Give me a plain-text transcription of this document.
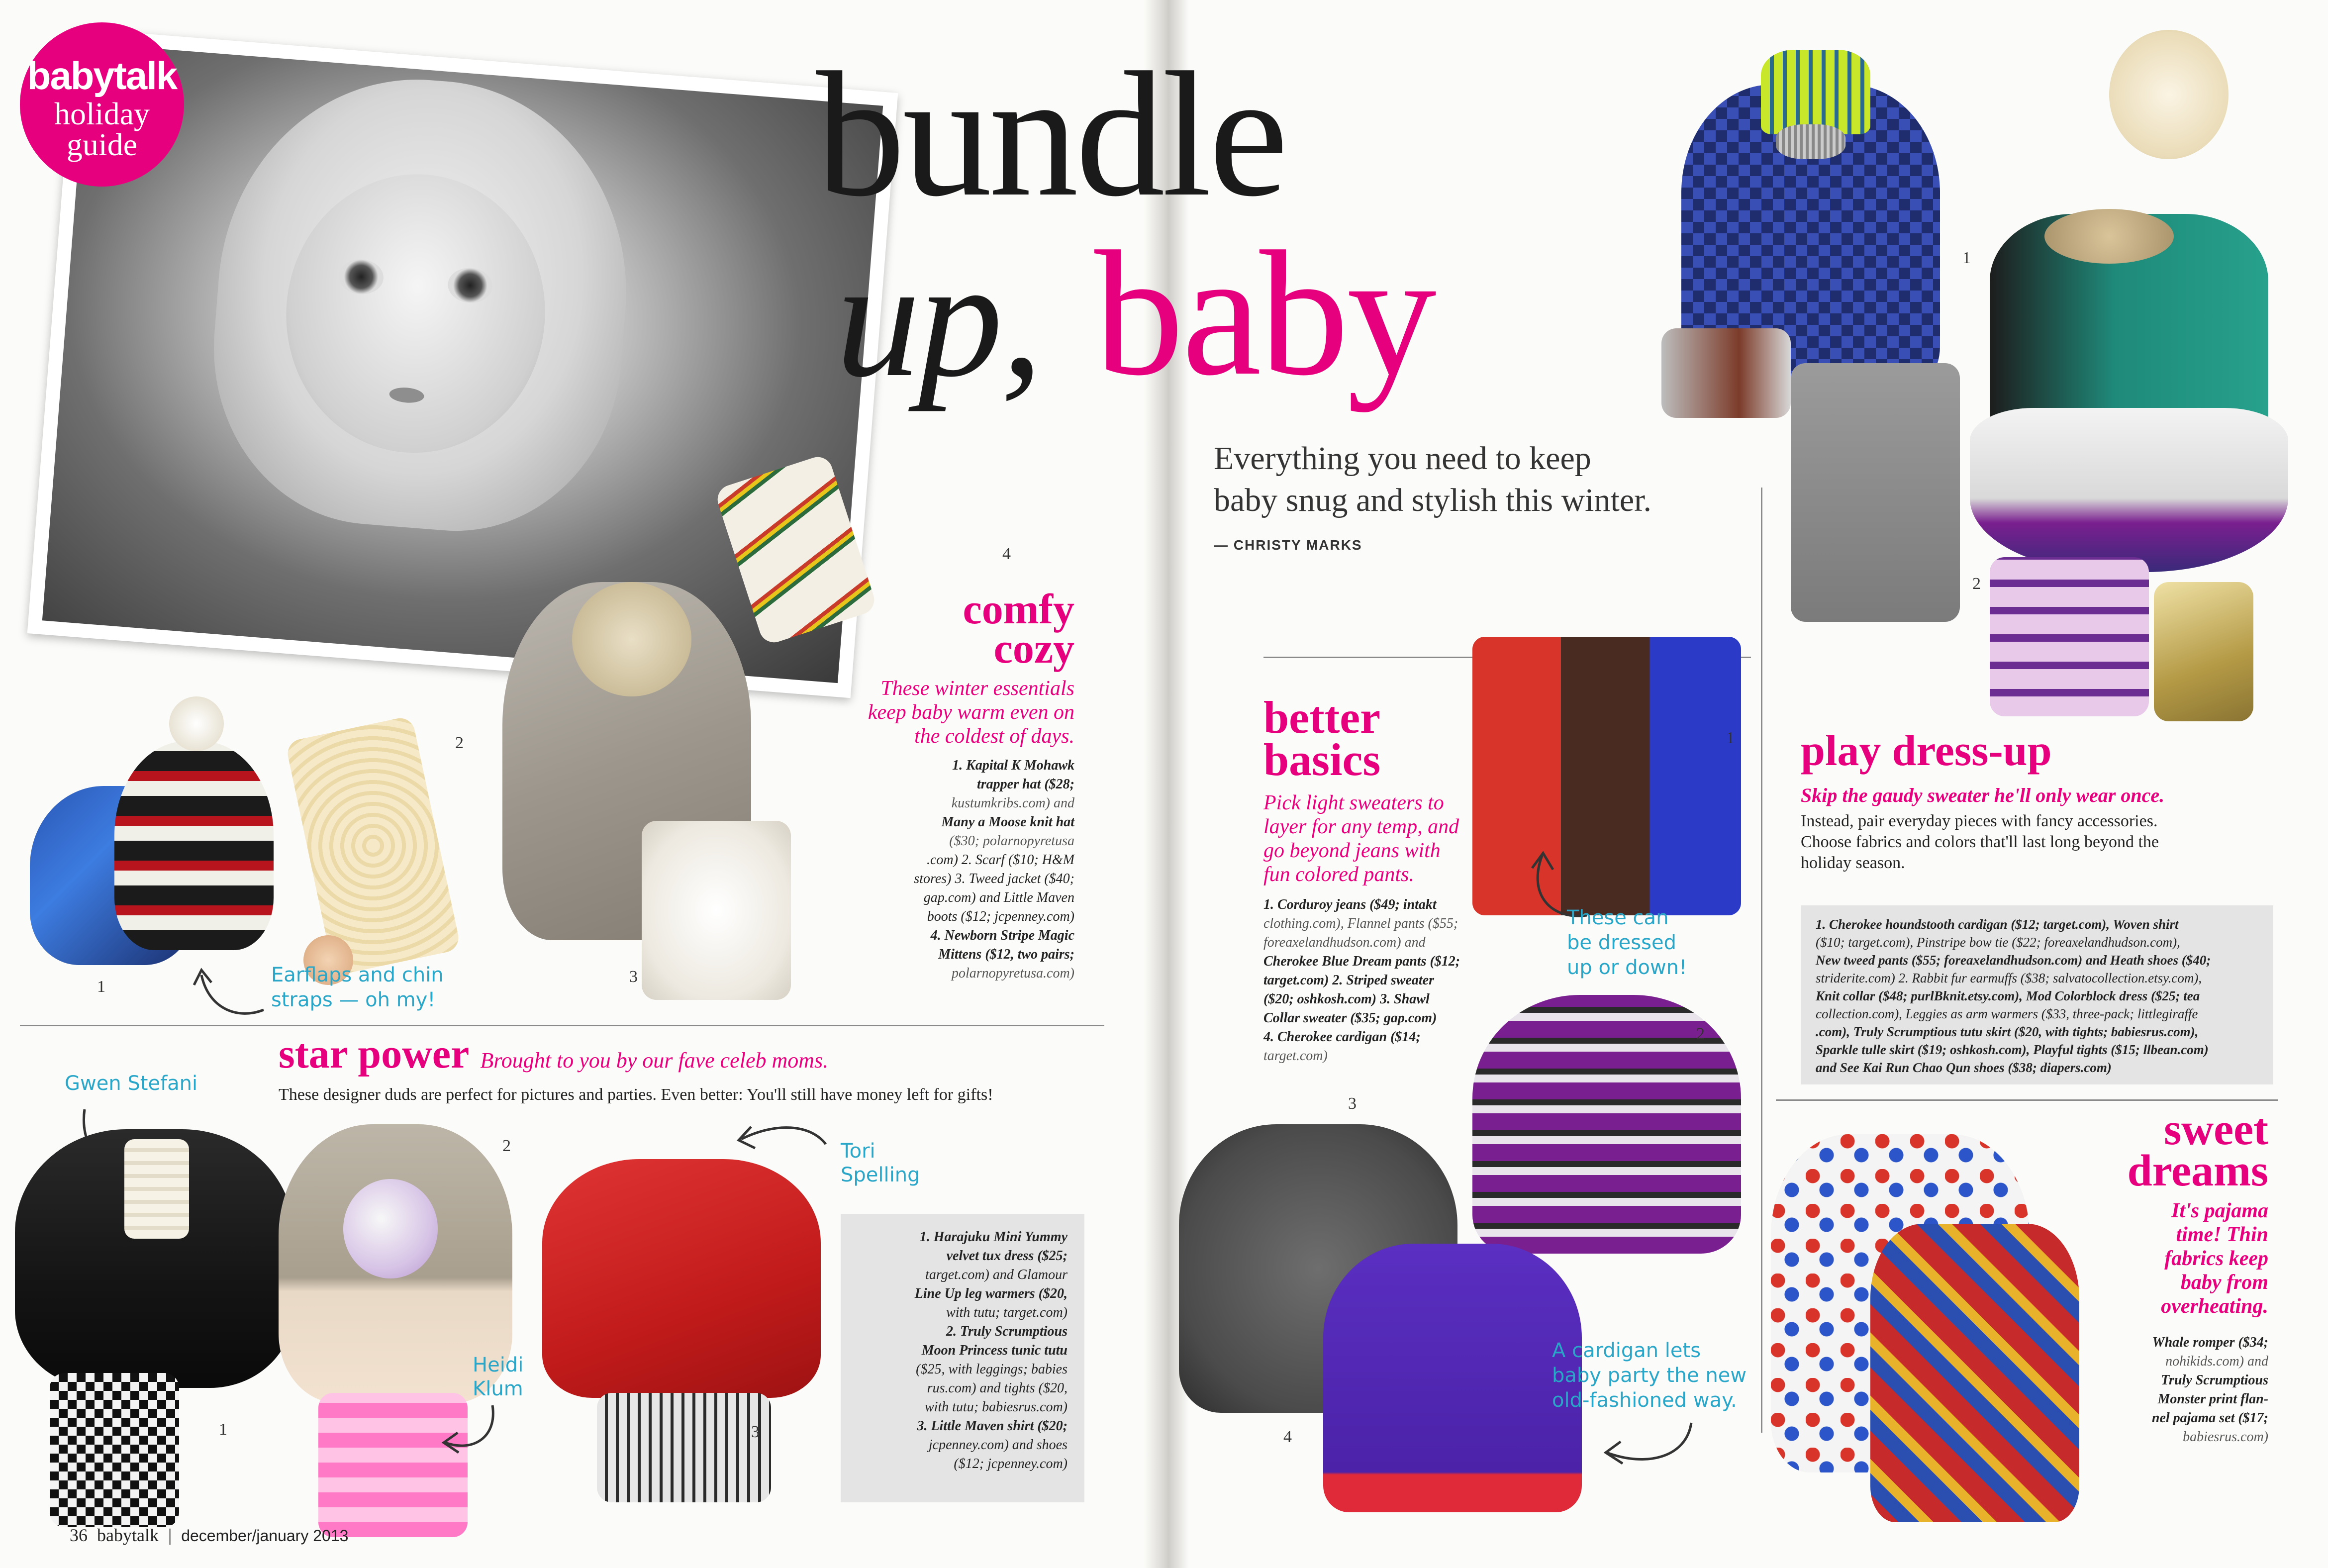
babytalk
holiday
guide	bundle
up, baby
Everything you need to keep
baby snug and stylish this winter.
— CHRISTY MARKS
1
2
3
4
comfy
cozy
These winter essentials
keep baby warm even on
the coldest of days.
1. Kapital K Mohawk
trapper hat ($28;
kustumkribs.com) and
Many a Moose knit hat
($30; polarnopyretusa
.com) 2. Scarf ($10; H&M
stores) 3. Tweed jacket ($40;
gap.com) and Little Maven
boots ($12; jcpenney.com)
4. Newborn Stripe Magic
Mittens ($12, two pairs;
polarnopyretusa.com)
Earflaps and chin
straps — oh my!
star power Brought to you by our fave celeb moms.
These designer duds are perfect for pictures and parties. Even better: You'll still have money left for gifts!
Gwen Stefani
Heidi
Klum
Tori
Spelling
1
2
3
1. Harajuku Mini Yummy
velvet tux dress ($25;
target.com) and Glamour
Line Up leg warmers ($20,
with tutu; target.com)
2. Truly Scrumptious
Moon Princess tunic tutu
($25, with leggings; babies
rus.com) and tights ($20,
with tutu; babiesrus.com)
3. Little Maven shirt ($20;
jcpenney.com) and shoes
($12; jcpenney.com)
36 babytalk | december/january 2013
1
2
1
better
basics
Pick light sweaters to
layer for any temp, and
go beyond jeans with
fun colored pants.
1. Corduroy jeans ($49; intakt
clothing.com), Flannel pants ($55;
foreaxelandhudson.com) and
Cherokee Blue Dream pants ($12;
target.com) 2. Striped sweater
($20; oshkosh.com) 3. Shawl
Collar sweater ($35; gap.com)
4. Cherokee cardigan ($14;
target.com)
These can
be dressed
up or down!
2
3
4
A cardigan lets
baby party the new
old-fashioned way.
play dress-up
Skip the gaudy sweater he'll only wear once.
Instead, pair everyday pieces with fancy accessories.
Choose fabrics and colors that'll last long beyond the
holiday season.
1. Cherokee houndstooth cardigan ($12; target.com), Woven shirt
($10; target.com), Pinstripe bow tie ($22; foreaxelandhudson.com),
New tweed pants ($55; foreaxelandhudson.com) and Heath shoes ($40;
striderite.com) 2. Rabbit fur earmuffs ($38; salvatocollection.etsy.com),
Knit collar ($48; purlBknit.etsy.com), Mod Colorblock dress ($25; tea
collection.com), Leggies as arm warmers ($33, three-pack; littlegiraffe
.com), Truly Scrumptious tutu skirt ($20, with tights; babiesrus.com),
Sparkle tulle skirt ($19; oshkosh.com), Playful tights ($15; llbean.com)
and See Kai Run Chao Qun shoes ($38; diapers.com)
sweet
dreams
It's pajama
time! Thin
fabrics keep
baby from
overheating.
Whale romper ($34;
nohikids.com) and
Truly Scrumptious
Monster print flan-
nel pajama set ($17;
babiesrus.com)
